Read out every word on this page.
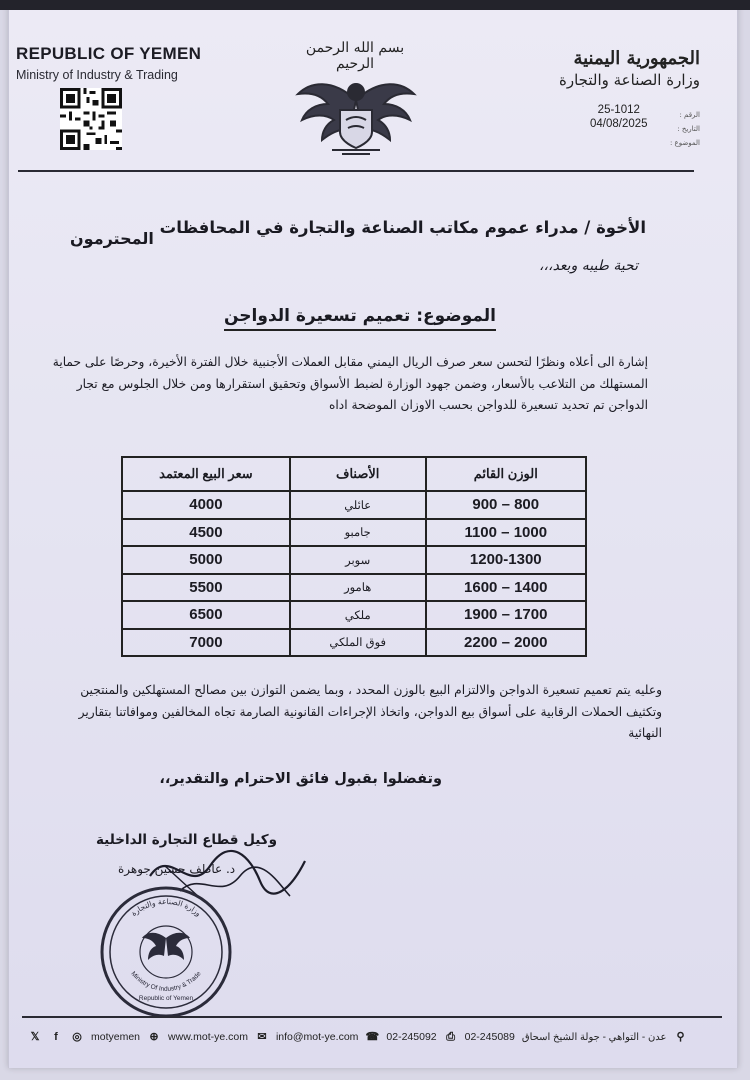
REPUBLIC OF YEMEN
Ministry of Industry & Trading
بسم الله الرحمن الرحيم	الجمهورية اليمنية
وزارة الصناعة والتجارة
25-1012
04/08/2025
الرقم :
التاريخ :
الموضوع :
الأخوة / مدراء عموم مكاتب الصناعة والتجارة في المحافظات
المحترمون
تحية طيبه وبعد،،،
الموضوع: تعميم تسعيرة الدواجن
إشارة الى أعلاه ونظرًا لتحسن سعر صرف الريال اليمني مقابل العملات الأجنبية خلال الفترة الأخيرة، وحرصًا على حماية المستهلك من التلاعب بالأسعار، وضمن جهود الوزارة لضبط الأسواق وتحقيق استقرارها ومن خلال الجلوس مع تجار الدواجن تم تحديد تسعيرة للدواجن بحسب الاوزان الموضحة اداه
الوزن القائم	الأصناف	سعر البيع المعتمد
800 – 900	عائلي	4000
1000 – 1100	جامبو	4500
1200-1300	سوبر	5000
1400 – 1600	هامور	5500
1700 – 1900	ملكي	6500
2000 – 2200	فوق الملكي	7000
وعليه يتم تعميم تسعيرة الدواجن والالتزام البيع بالوزن المحدد ، وبما يضمن التوازن بين مصالح المستهلكين والمنتجين وتكثيف الحملات الرقابية على أسواق بيع الدواجن، واتخاذ الإجراءات القانونية الصارمة تجاه المخالفين وموافاتنا بتقارير النهائية
وتفضلوا بقبول فائق الاحترام والتقدير،،
وكيل قطاع التجارة الداخلية
د. عاطف حسين جوهرة
وزارة الصناعة والتجارة
Ministry Of Industry & Trade
Republic of Yemen
𝕏	f	◎ motyemen ⊕ www.mot-ye.com ✉ info@mot-ye.com ☎ 02-245092 ⎙ 02-245089 عدن - التواهي - جولة الشيخ اسحاق ⚲
